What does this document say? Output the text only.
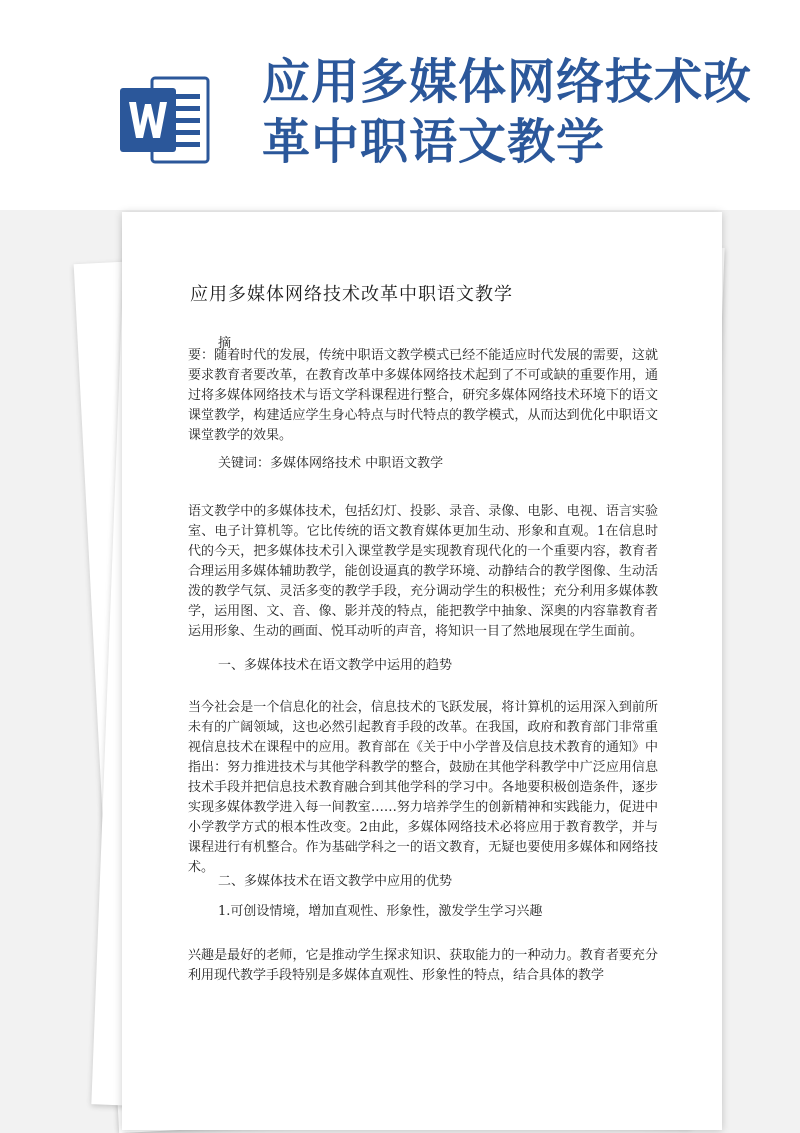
应用多媒体网络技术改革中职语文教学
应用多媒体网络技术改革中职语文教学

摘

要：随着时代的发展，传统中职语文教学模式已经不能适应时代发展的需要，这就要求教育者要改革，在教育改革中多媒体网络技术起到了不可或缺的重要作用，通过将多媒体网络技术与语文学科课程进行整合，研究多媒体网络技术环境下的语文课堂教学，构建适应学生身心特点与时代特点的教学模式，从而达到优化中职语文课堂教学的效果。

关键词：多媒体网络技术 中职语文教学

语文教学中的多媒体技术，包括幻灯、投影、录音、录像、电影、电视、语言实验室、电子计算机等。它比传统的语文教育媒体更加生动、形象和直观。1在信息时代的今天，把多媒体技术引入课堂教学是实现教育现代化的一个重要内容，教育者合理运用多媒体辅助教学，能创设逼真的教学环境、动静结合的教学图像、生动活泼的教学气氛、灵活多变的教学手段，充分调动学生的积极性；充分利用多媒体教学，运用图、文、音、像、影并茂的特点，能把教学中抽象、深奥的内容靠教育者运用形象、生动的画面、悦耳动听的声音，将知识一目了然地展现在学生面前。

一、多媒体技术在语文教学中运用的趋势

当今社会是一个信息化的社会，信息技术的飞跃发展，将计算机的运用深入到前所未有的广阔领域，这也必然引起教育手段的改革。在我国，政府和教育部门非常重视信息技术在课程中的应用。教育部在《关于中小学普及信息技术教育的通知》中指出：努力推进技术与其他学科教学的整合，鼓励在其他学科教学中广泛应用信息技术手段并把信息技术教育融合到其他学科的学习中。各地要积极创造条件，逐步实现多媒体教学进入每一间教室……努力培养学生的创新精神和实践能力，促进中小学教学方式的根本性改变。2由此，多媒体网络技术必将应用于教育教学，并与课程进行有机整合。作为基础学科之一的语文教育，无疑也要使用多媒体和网络技术。

二、多媒体技术在语文教学中应用的优势

1.可创设情境，增加直观性、形象性，激发学生学习兴趣

兴趣是最好的老师，它是推动学生探求知识、获取能力的一种动力。教育者要充分利用现代教学手段特别是多媒体直观性、形象性的特点，结合具体的教学
